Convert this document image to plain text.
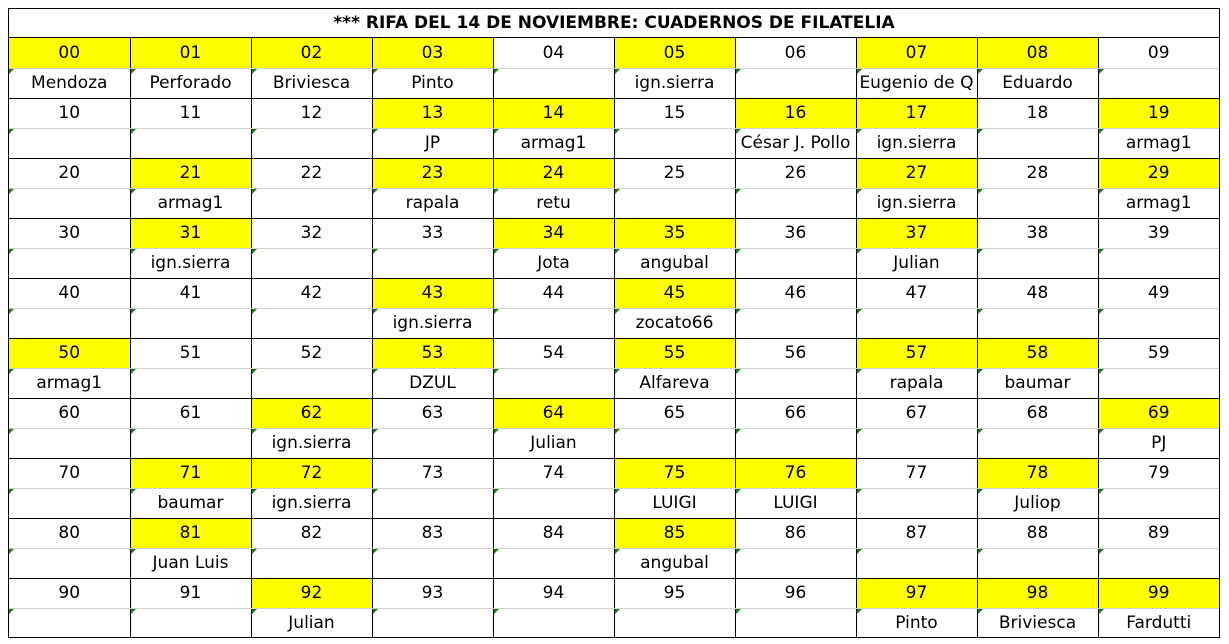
*** RIFA DEL 14 DE NOVIEMBRE: CUADERNOS DE FILATELIA
00	01	02	03	04	05	06	07	08	09
Mendoza	Perforado	Briviesca	Pinto		ign.sierra		Eugenio de Q	Eduardo	
10	11	12	13	14	15	16	17	18	19
			JP	armag1		César J. Pollo	ign.sierra		armag1
20	21	22	23	24	25	26	27	28	29
	armag1		rapala	retu			ign.sierra		armag1
30	31	32	33	34	35	36	37	38	39
	ign.sierra			Jota	angubal		Julian		
40	41	42	43	44	45	46	47	48	49
			ign.sierra		zocato66				
50	51	52	53	54	55	56	57	58	59
armag1			DZUL		Alfareva		rapala	baumar	
60	61	62	63	64	65	66	67	68	69
		ign.sierra		Julian					PJ
70	71	72	73	74	75	76	77	78	79
	baumar	ign.sierra			LUIGI	LUIGI		Juliop	
80	81	82	83	84	85	86	87	88	89
	Juan Luis				angubal				
90	91	92	93	94	95	96	97	98	99
		Julian					Pinto	Briviesca	Fardutti
